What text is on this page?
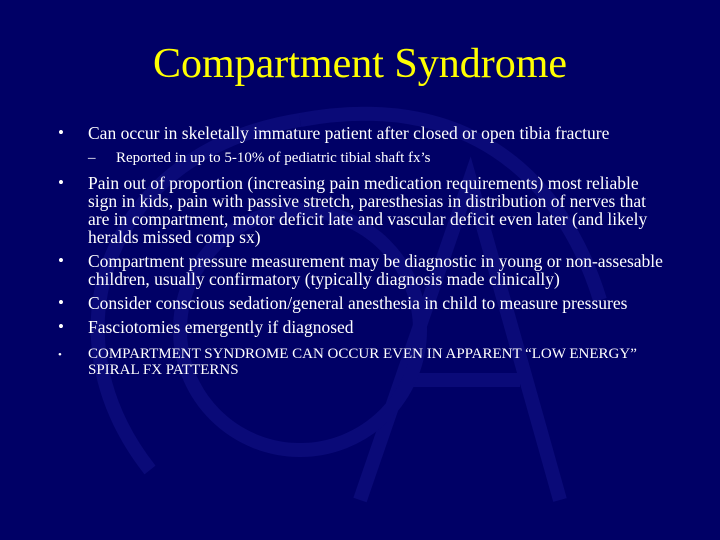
Compartment Syndrome
• Can occur in skeletally immature patient after closed or open tibia fracture
– Reported in up to 5-10% of pediatric tibial shaft fx’s
• Pain out of proportion (increasing pain medication requirements) most reliable sign in kids, pain with passive stretch, paresthesias in distribution of nerves that are in compartment, motor deficit late and vascular deficit even later (and likely heralds missed comp sx)
• Compartment pressure measurement may be diagnostic in young or non-assesable children, usually confirmatory (typically diagnosis made clinically)
• Consider conscious sedation/general anesthesia in child to measure pressures
• Fasciotomies emergently if diagnosed
• COMPARTMENT SYNDROME CAN OCCUR EVEN IN APPARENT “LOW ENERGY” SPIRAL FX PATTERNS
